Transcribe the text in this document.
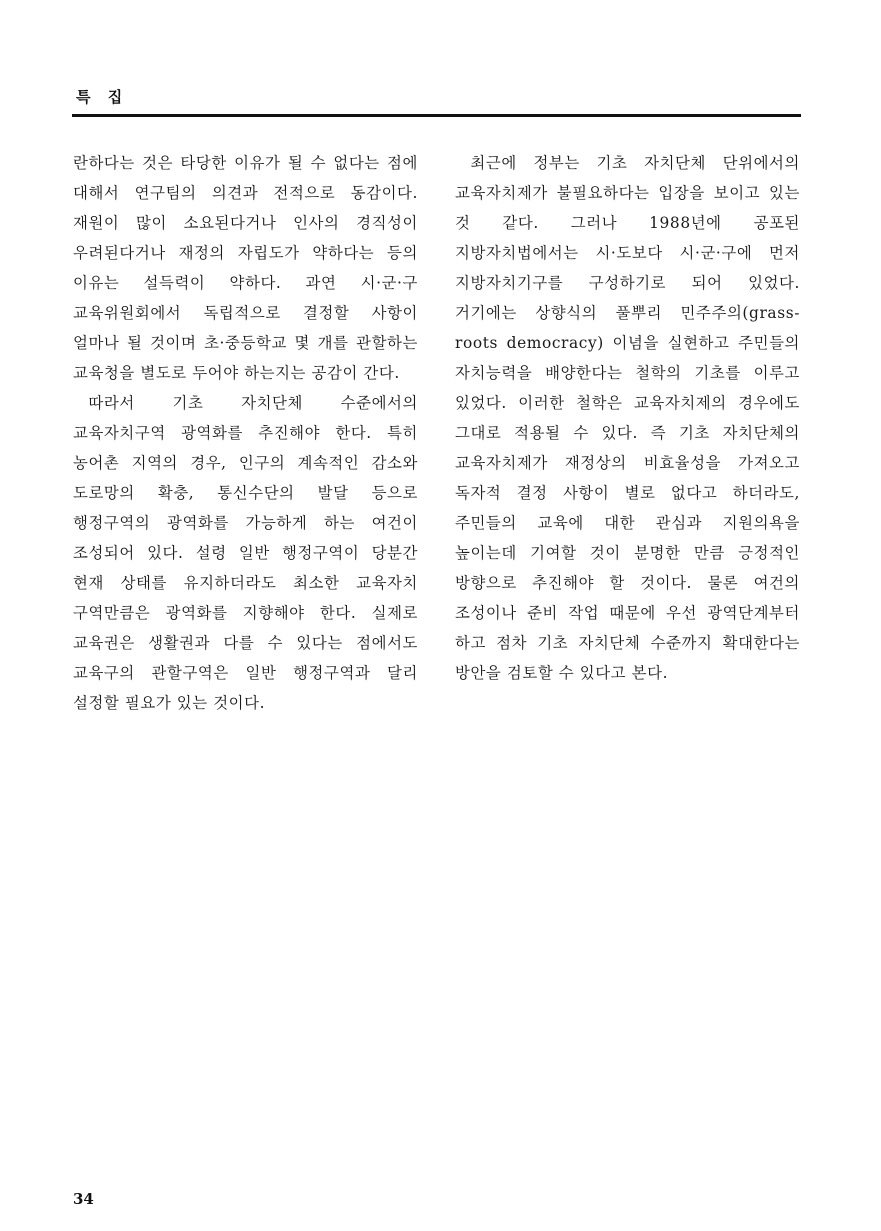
특 집

란하다는 것은 타당한 이유가 될 수 없다는 점에 대해서 연구팀의 의견과 전적으로 동감이다. 재원이 많이 소요된다거나 인사의 경직성이 우려된다거나 재정의 자립도가 약하다는 등의 이유는 설득력이 약하다. 과연 시·군·구 교육위원회에서 독립적으로 결정할 사항이 얼마나 될 것이며 초·중등학교 몇 개를 관할하는 교육청을 별도로 두어야 하는지는 공감이 간다.

따라서 기초 자치단체 수준에서의 교육자치구역 광역화를 추진해야 한다. 특히 농어촌 지역의 경우, 인구의 계속적인 감소와 도로망의 확충, 통신수단의 발달 등으로 행정구역의 광역화를 가능하게 하는 여건이 조성되어 있다. 설령 일반 행정구역이 당분간 현재 상태를 유지하더라도 최소한 교육자치 구역만큼은 광역화를 지향해야 한다. 실제로 교육권은 생활권과 다를 수 있다는 점에서도 교육구의 관할구역은 일반 행정구역과 달리 설정할 필요가 있는 것이다.

최근에 정부는 기초 자치단체 단위에서의 교육자치제가 불필요하다는 입장을 보이고 있는 것 같다. 그러나 1988년에 공포된 지방자치법에서는 시·도보다 시·군·구에 먼저 지방자치기구를 구성하기로 되어 있었다. 거기에는 상향식의 풀뿌리 민주주의(grass-roots democracy) 이념을 실현하고 주민들의 자치능력을 배양한다는 철학의 기초를 이루고 있었다. 이러한 철학은 교육자치제의 경우에도 그대로 적용될 수 있다. 즉 기초 자치단체의 교육자치제가 재정상의 비효율성을 가져오고 독자적 결정 사항이 별로 없다고 하더라도, 주민들의 교육에 대한 관심과 지원의욕을 높이는데 기여할 것이 분명한 만큼 긍정적인 방향으로 추진해야 할 것이다. 물론 여건의 조성이나 준비 작업 때문에 우선 광역단계부터 하고 점차 기초 자치단체 수준까지 확대한다는 방안을 검토할 수 있다고 본다.

34
